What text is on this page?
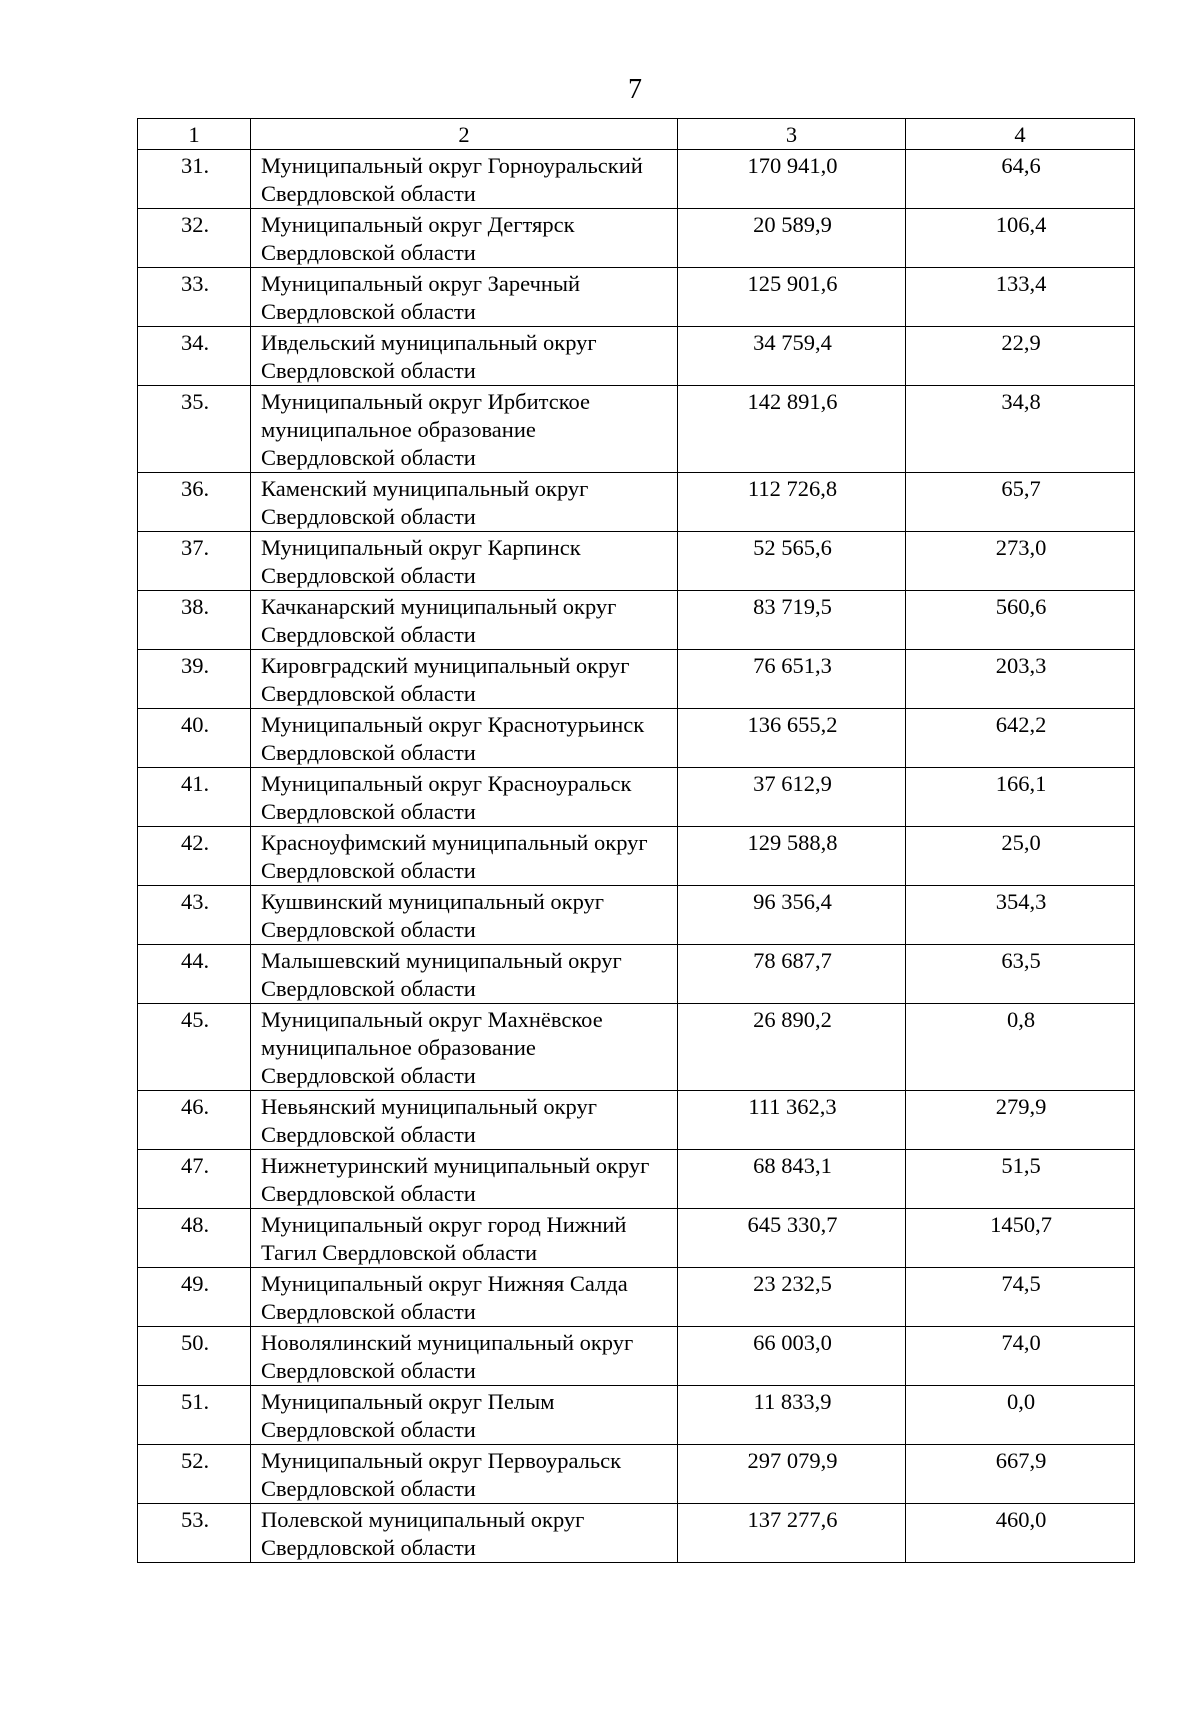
7
1	2	3	4
31.	Муниципальный округ Горноуральский Свердловской области	170 941,0	64,6
32.	Муниципальный округ Дегтярск Свердловской области	20 589,9	106,4
33.	Муниципальный округ Заречный Свердловской области	125 901,6	133,4
34.	Ивдельский муниципальный округ Свердловской области	34 759,4	22,9
35.	Муниципальный округ Ирбитское муниципальное образование Свердловской области	142 891,6	34,8
36.	Каменский муниципальный округ Свердловской области	112 726,8	65,7
37.	Муниципальный округ Карпинск Свердловской области	52 565,6	273,0
38.	Качканарский муниципальный округ Свердловской области	83 719,5	560,6
39.	Кировградский муниципальный округ Свердловской области	76 651,3	203,3
40.	Муниципальный округ Краснотурьинск Свердловской области	136 655,2	642,2
41.	Муниципальный округ Красноуральск Свердловской области	37 612,9	166,1
42.	Красноуфимский муниципальный округ Свердловской области	129 588,8	25,0
43.	Кушвинский муниципальный округ Свердловской области	96 356,4	354,3
44.	Малышевский муниципальный округ Свердловской области	78 687,7	63,5
45.	Муниципальный округ Махнёвское муниципальное образование Свердловской области	26 890,2	0,8
46.	Невьянский муниципальный округ Свердловской области	111 362,3	279,9
47.	Нижнетуринский муниципальный округ Свердловской области	68 843,1	51,5
48.	Муниципальный округ город Нижний Тагил Свердловской области	645 330,7	1450,7
49.	Муниципальный округ Нижняя Салда Свердловской области	23 232,5	74,5
50.	Новолялинский муниципальный округ Свердловской области	66 003,0	74,0
51.	Муниципальный округ Пелым Свердловской области	11 833,9	0,0
52.	Муниципальный округ Первоуральск Свердловской области	297 079,9	667,9
53.	Полевской муниципальный округ Свердловской области	137 277,6	460,0
